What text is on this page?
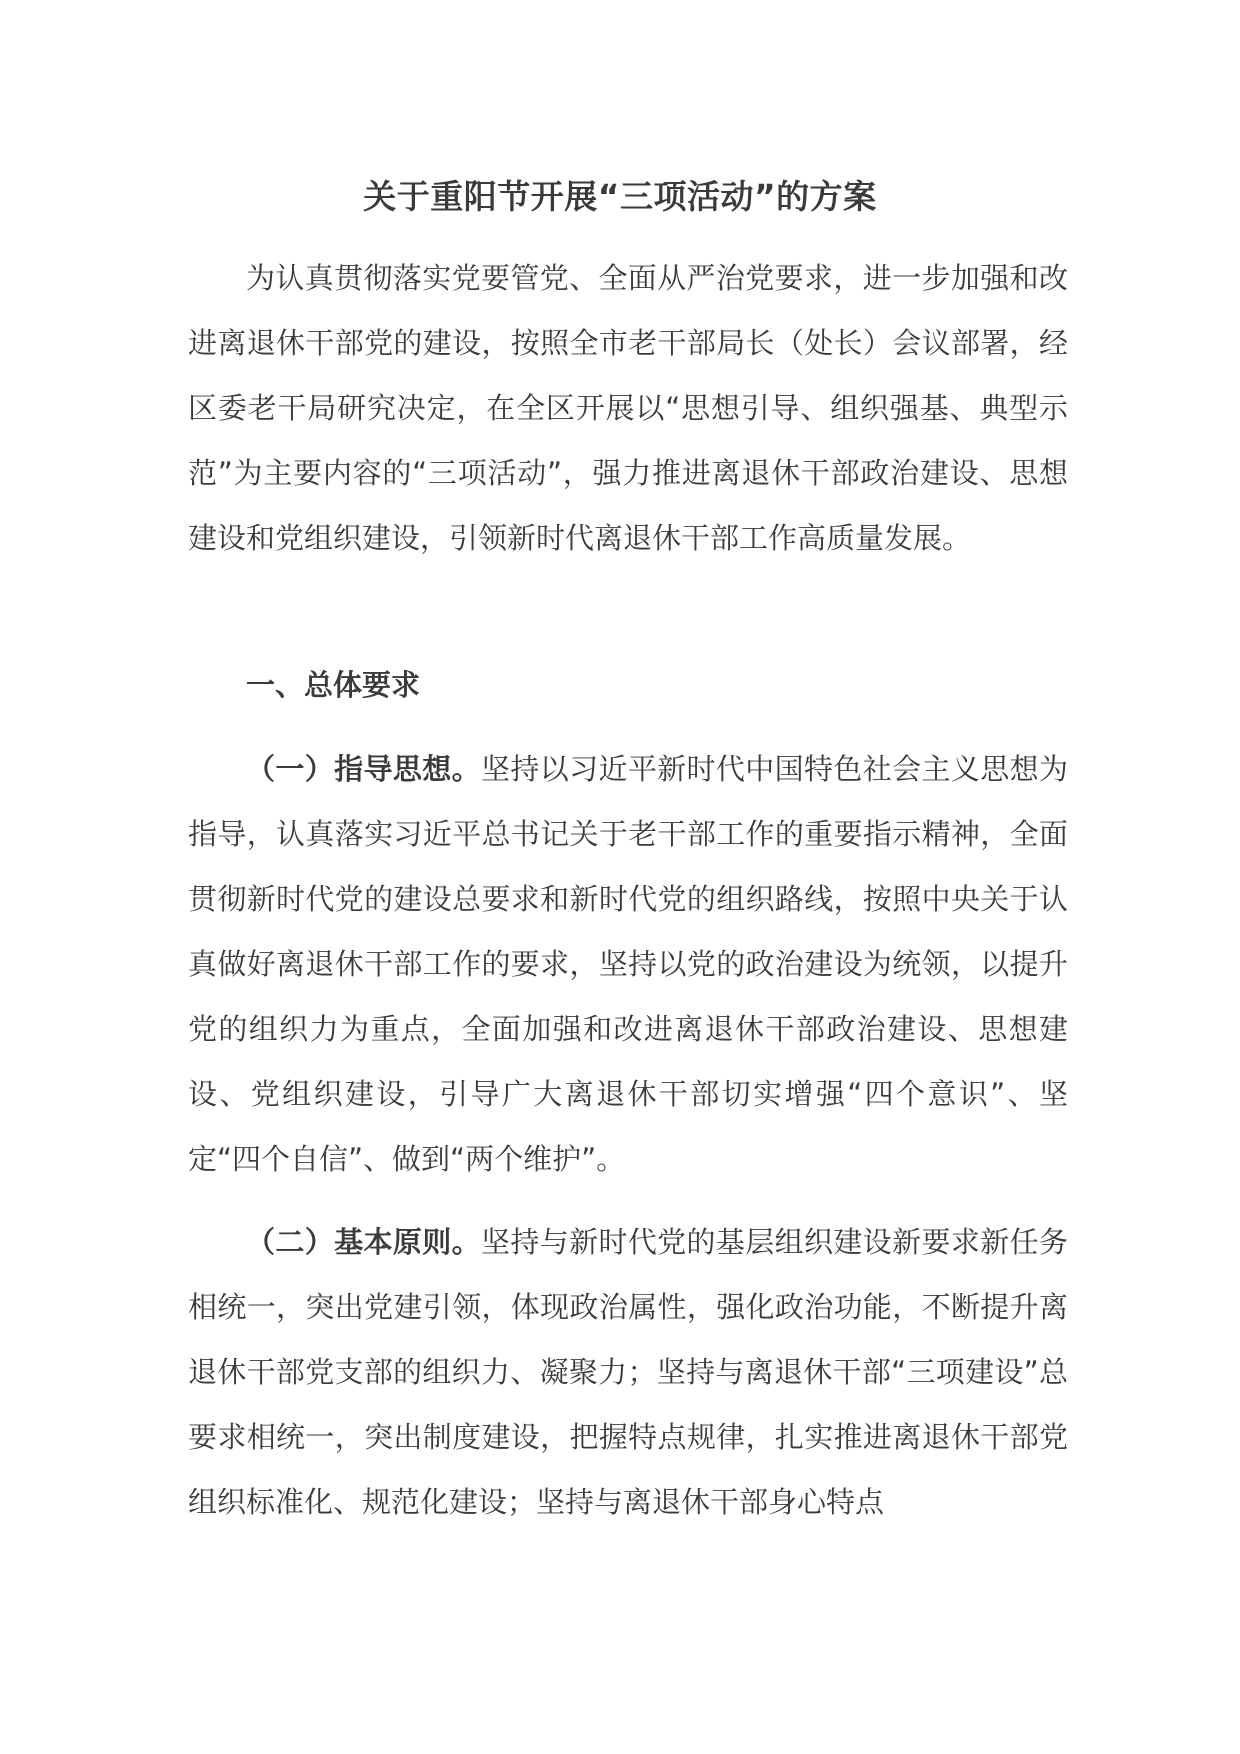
关于重阳节开展“三项活动”的方案

为认真贯彻落实党要管党、全面从严治党要求，进一步加强和改进离退休干部党的建设，按照全市老干部局长（处长）会议部署，经区委老干局研究决定，在全区开展以“思想引导、组织强基、典型示范”为主要内容的“三项活动”，强力推进离退休干部政治建设、思想建设和党组织建设，引领新时代离退休干部工作高质量发展。

一、总体要求

（一）指导思想。坚持以习近平新时代中国特色社会主义思想为指导，认真落实习近平总书记关于老干部工作的重要指示精神，全面贯彻新时代党的建设总要求和新时代党的组织路线，按照中央关于认真做好离退休干部工作的要求，坚持以党的政治建设为统领，以提升党的组织力为重点，全面加强和改进离退休干部政治建设、思想建设、党组织建设，引导广大离退休干部切实增强“四个意识”、坚定“四个自信”、做到“两个维护”。

（二）基本原则。坚持与新时代党的基层组织建设新要求新任务相统一，突出党建引领，体现政治属性，强化政治功能，不断提升离退休干部党支部的组织力、凝聚力；坚持与离退休干部“三项建设”总要求相统一，突出制度建设，把握特点规律，扎实推进离退休干部党组织标准化、规范化建设；坚持与离退休干部身心特点
